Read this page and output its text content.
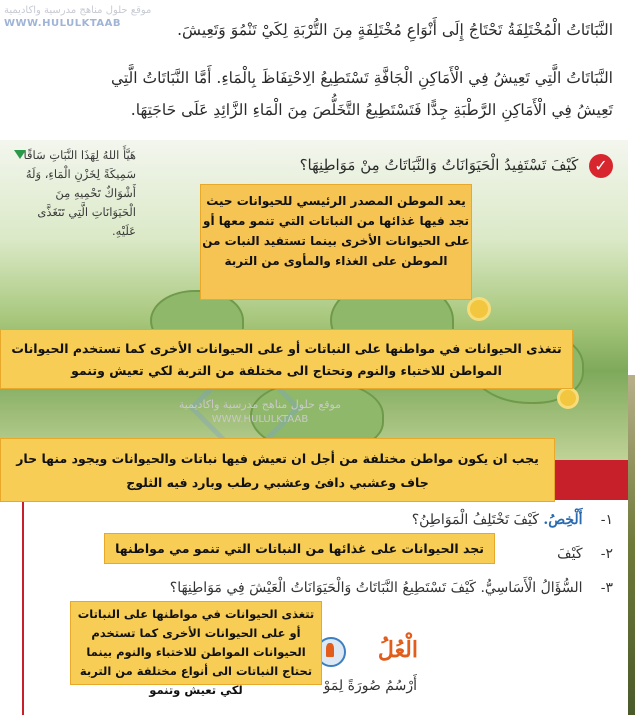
موقع حلول مناهج مدرسية واكاديمية
WWW.HULULKTAAB	النَّبَاتَاتُ الْمُخْتَلِفَةُ تَحْتَاجُ إِلَى أَنْوَاعِ مُخْتَلِفَةٍ مِنَ التُّرْبَةِ لِكَيْ تَنْمُوَ وَتَعِيشَ.
النَّبَاتَاتُ الَّتِي تَعِيشُ فِي الْأَمَاكِنِ الْجَافَّةِ تَسْتَطِيعُ الِاحْتِفَاظَ بِالْمَاءِ. أَمَّا النَّبَاتَاتُ الَّتِي
تَعِيشُ فِي الْأَمَاكِنِ الرَّطْبَةِ جِدًّا فَتَسْتَطِيعُ التَّخَلُّصَ مِنَ الْمَاءِ الزَّائِدِ عَلَى حَاجَتِهَا.
هَيَّأَ اللهُ لِهَذَا النَّبَاتِ سَاقًا سَمِيكَةً لِخَزْنِ الْمَاءِ، وَلَهُ أَشْوَاكٌ تَحْمِيهِ مِنَ الْحَيَوَانَاتِ الَّتِي تَتَغَذَّى عَلَيْهِ.
✓ كَيْفَ تَسْتَفِيدُ الْحَيَوَانَاتُ وَالنَّبَاتَاتُ مِنْ مَوَاطِنِهَا؟
موقع حلول مناهج مدرسية واكاديمية
WWW.HULULKTAAB
١- أَلْخِصُ. كَيْفَ تَخْتَلِفُ الْمَوَاطِنُ؟
٢- كَيْفَ
٣- السُّؤَالُ الْأَسَاسِيُّ. كَيْفَ تَسْتَطِيعُ النَّبَاتَاتُ وَالْحَيَوَانَاتُ الْعَيْشَ فِي مَوَاطِنِهَا؟
الْعُلُ
أَرْسُمُ صُورَةً لِمَوْ
يعد الموطن المصدر الرئيسي للحيوانات حيث تجد فيها غذائها من النباتات التي تنمو معها أو على الحيوانات الأخرى بينما تستفيد النبات من الموطن على الغذاء والمأوى من التربة
تتغذى الحيوانات في مواطنها على النباتات أو على الحيوانات الأخرى كما تستخدم الحيوانات المواطن للاختباء والنوم وتحتاج الى مختلفة من التربة لكي تعيش وتنمو
يجب ان يكون مواطن مختلفة من أجل ان تعيش فيها نباتات والحيوانات ويجود منها حار جاف وعشبي دافئ وعشبي رطب وبارد فيه الثلوج
تجد الحيوانات على غذائها من النباتات التي تنمو مي مواطنها
تتغذى الحيوانات في مواطنها على النباتات أو على الحيوانات الأخرى كما تستخدم الحيوانات المواطن للاختباء والنوم بينما تحتاج النباتات الى أنواع مختلفة من التربة لكي تعيش وتنمو
